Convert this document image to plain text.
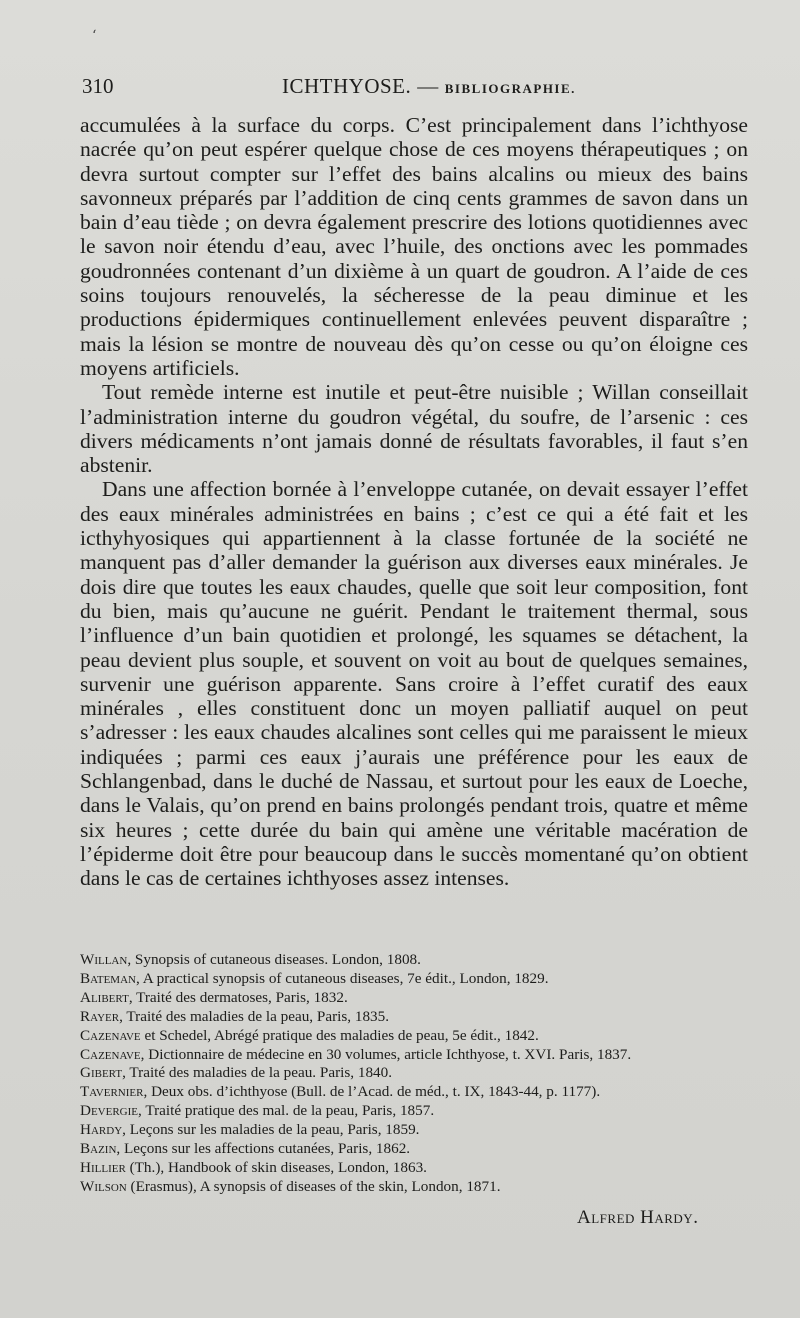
‘
310	ICHTHYOSE. — BIBLIOGRAPHIE.

accumulées à la surface du corps. C’est principalement dans l’ichthyose nacrée qu’on peut espérer quelque chose de ces moyens thérapeutiques ; on devra surtout compter sur l’effet des bains alcalins ou mieux des bains savonneux préparés par l’addition de cinq cents grammes de savon dans un bain d’eau tiède ; on devra également prescrire des lotions quotidiennes avec le savon noir étendu d’eau, avec l’huile, des onctions avec les pommades goudronnées contenant d’un dixième à un quart de goudron. A l’aide de ces soins toujours renouvelés, la sécheresse de la peau diminue et les productions épidermiques continuellement enlevées peuvent disparaître ; mais la lésion se montre de nouveau dès qu’on cesse ou qu’on éloigne ces moyens artificiels.

Tout remède interne est inutile et peut-être nuisible ; Willan conseillait l’administration interne du goudron végétal, du soufre, de l’arsenic : ces divers médicaments n’ont jamais donné de résultats favorables, il faut s’en abstenir.

Dans une affection bornée à l’enveloppe cutanée, on devait essayer l’effet des eaux minérales administrées en bains ; c’est ce qui a été fait et les icthyhyosiques qui appartiennent à la classe fortunée de la société ne manquent pas d’aller demander la guérison aux diverses eaux minérales. Je dois dire que toutes les eaux chaudes, quelle que soit leur composition, font du bien, mais qu’aucune ne guérit. Pendant le traitement thermal, sous l’influence d’un bain quotidien et prolongé, les squames se détachent, la peau devient plus souple, et souvent on voit au bout de quelques semaines, survenir une guérison apparente. Sans croire à l’effet curatif des eaux minérales , elles constituent donc un moyen palliatif auquel on peut s’adresser : les eaux chaudes alcalines sont celles qui me paraissent le mieux indiquées ; parmi ces eaux j’aurais une préférence pour les eaux de Schlangenbad, dans le duché de Nassau, et surtout pour les eaux de Loeche, dans le Valais, qu’on prend en bains prolongés pendant trois, quatre et même six heures ; cette durée du bain qui amène une véritable macération de l’épiderme doit être pour beaucoup dans le succès momentané qu’on obtient dans le cas de certaines ichthyoses assez intenses.

Willan, Synopsis of cutaneous diseases. London, 1808.
Bateman, A practical synopsis of cutaneous diseases, 7e édit., London, 1829.
Alibert, Traité des dermatoses, Paris, 1832.
Rayer, Traité des maladies de la peau, Paris, 1835.
Cazenave et Schedel, Abrégé pratique des maladies de peau, 5e édit., 1842.
Cazenave, Dictionnaire de médecine en 30 volumes, article Ichthyose, t. XVI. Paris, 1837.
Gibert, Traité des maladies de la peau. Paris, 1840.
Tavernier, Deux obs. d’ichthyose (Bull. de l’Acad. de méd., t. IX, 1843-44, p. 1177).
Devergie, Traité pratique des mal. de la peau, Paris, 1857.
Hardy, Leçons sur les maladies de la peau, Paris, 1859.
Bazin, Leçons sur les affections cutanées, Paris, 1862.
Hillier (Th.), Handbook of skin diseases, London, 1863.
Wilson (Erasmus), A synopsis of diseases of the skin, London, 1871.
Alfred Hardy.
